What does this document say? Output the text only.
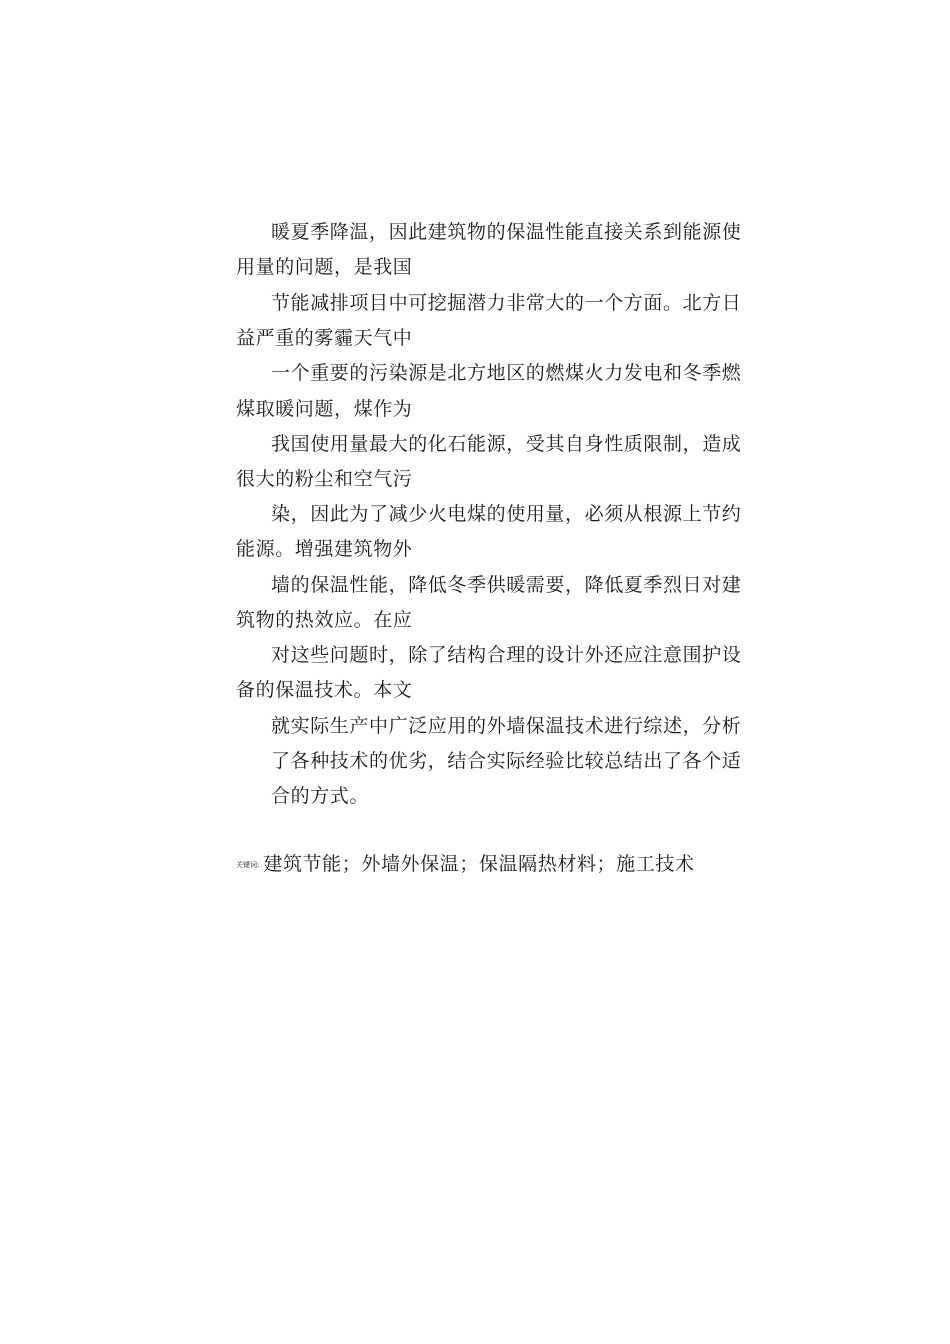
暖夏季降温，因此建筑物的保温性能直接关系到能源使
用量的问题，是我国
节能减排项目中可挖掘潜力非常大的一个方面。北方日
益严重的雾霾天气中
一个重要的污染源是北方地区的燃煤火力发电和冬季燃
煤取暖问题，煤作为
我国使用量最大的化石能源，受其自身性质限制，造成
很大的粉尘和空气污
染，因此为了减少火电煤的使用量，必须从根源上节约
能源。增强建筑物外
墙的保温性能，降低冬季供暖需要，降低夏季烈日对建
筑物的热效应。在应
对这些问题时，除了结构合理的设计外还应注意围护设
备的保温技术。本文
就实际生产中广泛应用的外墙保温技术进行综述，分析
了各种技术的优劣，结合实际经验比较总结出了各个适
合的方式。
关键词: 建筑节能；外墙外保温；保温隔热材料；施工技术
